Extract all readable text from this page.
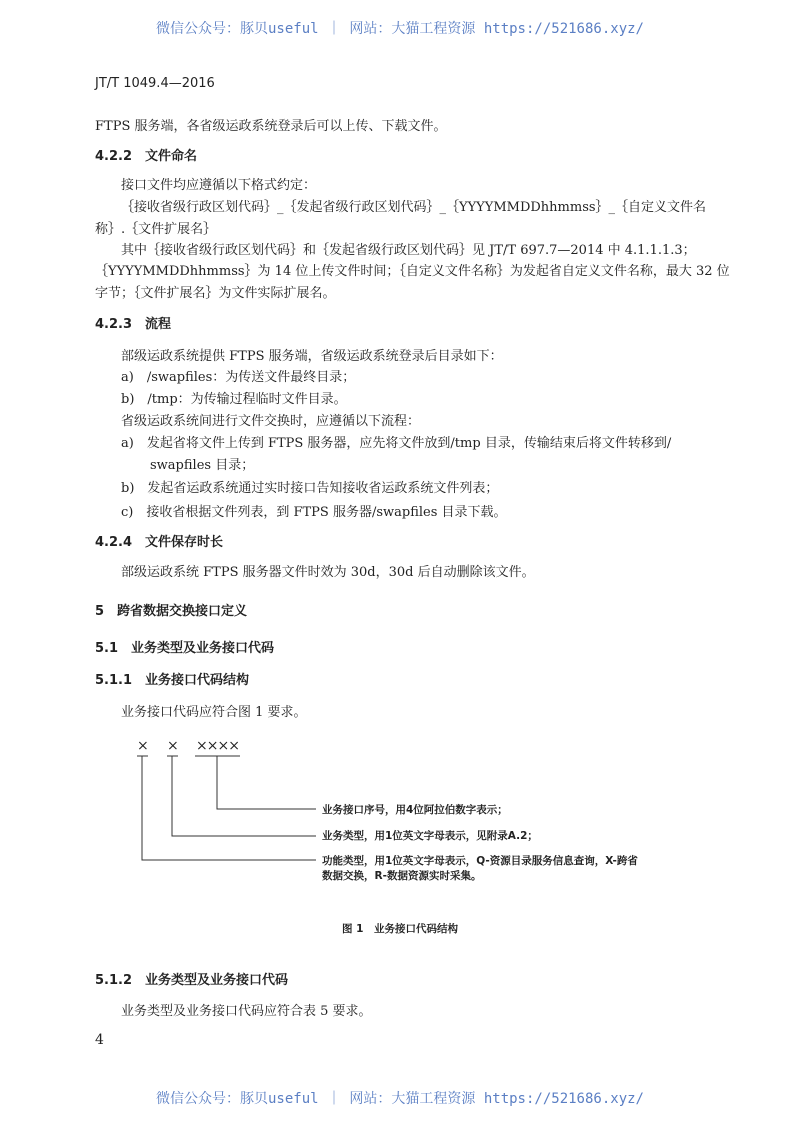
微信公众号：豚贝useful ｜ 网站：大猫工程资源 https://521686.xyz/
JT/T 1049.4—2016
FTPS 服务端，各省级运政系统登录后可以上传、下载文件。
4.2.2　文件命名
接口文件均应遵循以下格式约定：
｛接收省级行政区划代码｝_｛发起省级行政区划代码｝_｛YYYYMMDDhhmmss｝_｛自定义文件名
称｝.｛文件扩展名｝
其中｛接收省级行政区划代码｝和｛发起省级行政区划代码｝见 JT/T 697.7—2014 中 4.1.1.1.3；
｛YYYYMMDDhhmmss｝为 14 位上传文件时间；｛自定义文件名称｝为发起省自定义文件名称，最大 32 位
字节；｛文件扩展名｝为文件实际扩展名。
4.2.3　流程
部级运政系统提供 FTPS 服务端，省级运政系统登录后目录如下：
a)　/swapfiles：为传送文件最终目录；
b)　/tmp：为传输过程临时文件目录。
省级运政系统间进行文件交换时，应遵循以下流程：
a)　发起省将文件上传到 FTPS 服务器，应先将文件放到/tmp 目录，传输结束后将文件转移到/
swapfiles 目录；
b)　发起省运政系统通过实时接口告知接收省运政系统文件列表；
c)　接收省根据文件列表，到 FTPS 服务器/swapfiles 目录下载。
4.2.4　文件保存时长
部级运政系统 FTPS 服务器文件时效为 30d，30d 后自动删除该文件。
5　跨省数据交换接口定义
5.1　业务类型及业务接口代码
5.1.1　业务接口代码结构
业务接口代码应符合图 1 要求。
× × ××××
业务接口序号，用4位阿拉伯数字表示；
业务类型，用1位英文字母表示，见附录A.2；
功能类型，用1位英文字母表示，Q-资源目录服务信息查询，X-跨省
数据交换，R-数据资源实时采集。
图 1　业务接口代码结构
5.1.2　业务类型及业务接口代码
业务类型及业务接口代码应符合表 5 要求。
4
微信公众号：豚贝useful ｜ 网站：大猫工程资源 https://521686.xyz/
